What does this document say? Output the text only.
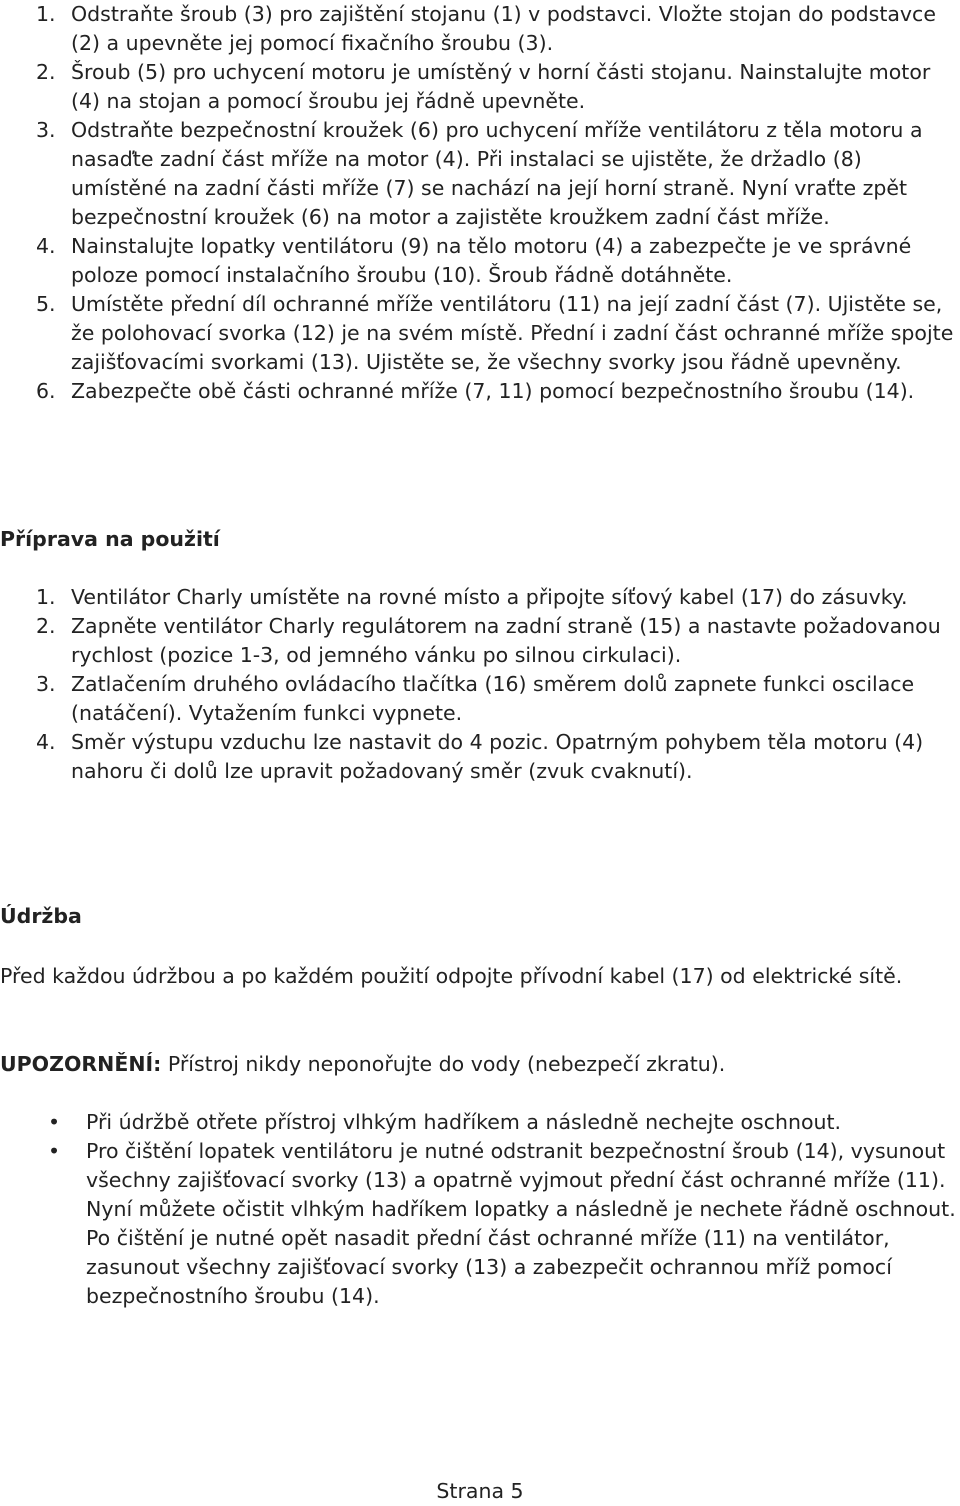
1. Odstraňte šroub (3) pro zajištění stojanu (1) v podstavci. Vložte stojan do podstavce (2) a upevněte jej pomocí fixačního šroubu (3).
2. Šroub (5) pro uchycení motoru je umístěný v horní části stojanu. Nainstalujte motor (4) na stojan a pomocí šroubu jej řádně upevněte.
3. Odstraňte bezpečnostní kroužek (6) pro uchycení mříže ventilátoru z těla motoru a nasaďte zadní část mříže na motor (4). Při instalaci se ujistěte, že držadlo (8) umístěné na zadní části mříže (7) se nachází na její horní straně. Nyní vraťte zpět bezpečnostní kroužek (6) na motor a zajistěte kroužkem zadní část mříže.
4. Nainstalujte lopatky ventilátoru (9) na tělo motoru (4) a zabezpečte je ve správné poloze pomocí instalačního šroubu (10). Šroub řádně dotáhněte.
5. Umístěte přední díl ochranné mříže ventilátoru (11) na její zadní část (7). Ujistěte se, že polohovací svorka (12) je na svém místě. Přední i zadní část ochranné mříže spojte zajišťovacími svorkami (13). Ujistěte se, že všechny svorky jsou řádně upevněny.
6. Zabezpečte obě části ochranné mříže (7, 11) pomocí bezpečnostního šroubu (14).
Příprava na použití
1. Ventilátor Charly umístěte na rovné místo a připojte síťový kabel (17) do zásuvky.
2. Zapněte ventilátor Charly regulátorem na zadní straně (15) a nastavte požadovanou rychlost (pozice 1-3, od jemného vánku po silnou cirkulaci).
3. Zatlačením druhého ovládacího tlačítka (16) směrem dolů zapnete funkci oscilace (natáčení). Vytažením funkci vypnete.
4. Směr výstupu vzduchu lze nastavit do 4 pozic. Opatrným pohybem těla motoru (4) nahoru či dolů lze upravit požadovaný směr (zvuk cvaknutí).
Údržba
Před každou údržbou a po každém použití odpojte přívodní kabel (17) od elektrické sítě.
UPOZORNĚNÍ: Přístroj nikdy neponořujte do vody (nebezpečí zkratu).
• Při údržbě otřete přístroj vlhkým hadříkem a následně nechejte oschnout.
• Pro čištění lopatek ventilátoru je nutné odstranit bezpečnostní šroub (14), vysunout všechny zajišťovací svorky (13) a opatrně vyjmout přední část ochranné mříže (11). Nyní můžete očistit vlhkým hadříkem lopatky a následně je nechete řádně oschnout. Po čištění je nutné opět nasadit přední část ochranné mříže (11) na ventilátor, zasunout všechny zajišťovací svorky (13) a zabezpečit ochrannou mříž pomocí bezpečnostního šroubu (14).
Strana 5
